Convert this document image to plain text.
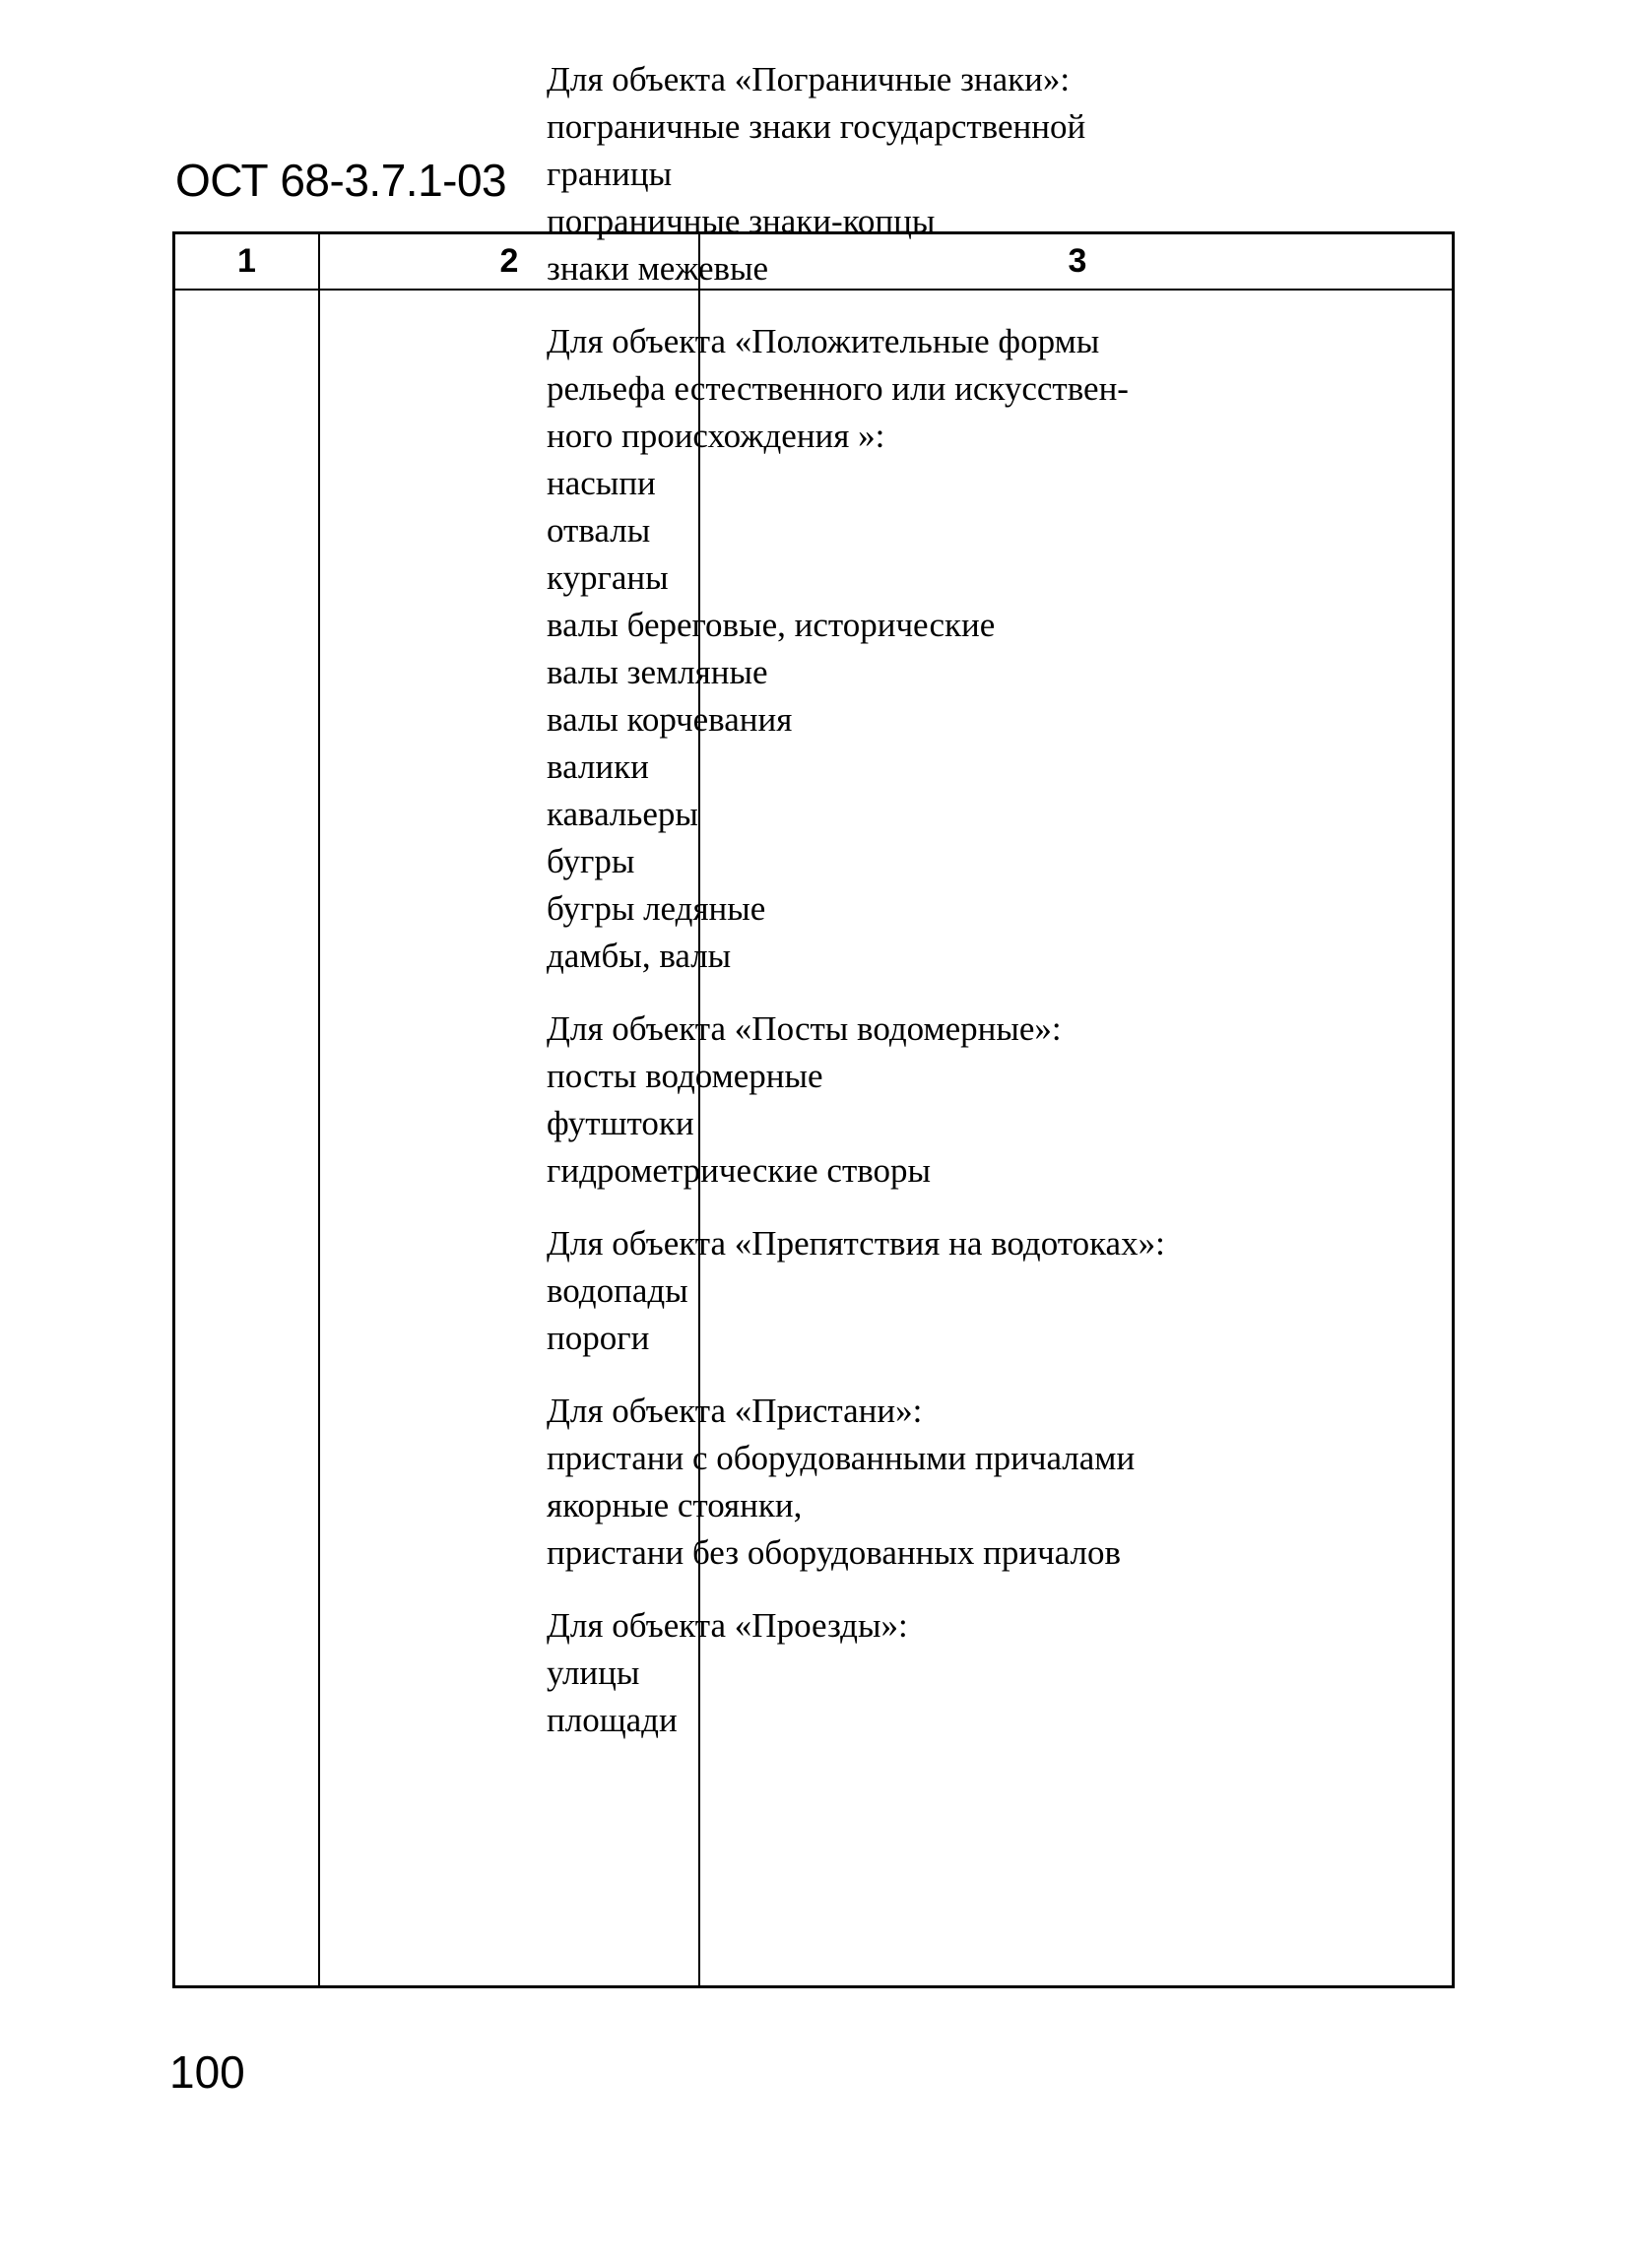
ОСТ 68-3.7.1-03
1	2	3
Для объекта «Пограничные знаки»:
пограничные знаки государственной
границы
пограничные знаки-копцы
знаки межевые
Для объекта «Положительные формы
рельефа естественного или искусствен-
ного происхождения »:
насыпи
отвалы
курганы
валы береговые, исторические
валы земляные
валы корчевания
валики
кавальеры
бугры
бугры ледяные
дамбы, валы
Для объекта «Посты водомерные»:
посты водомерные
футштоки
гидрометрические створы
Для объекта «Препятствия на водотоках»:
водопады
пороги
Для объекта «Пристани»:
пристани с оборудованными причалами
якорные стоянки,
пристани без оборудованных причалов
Для объекта «Проезды»:
улицы
площади
100
